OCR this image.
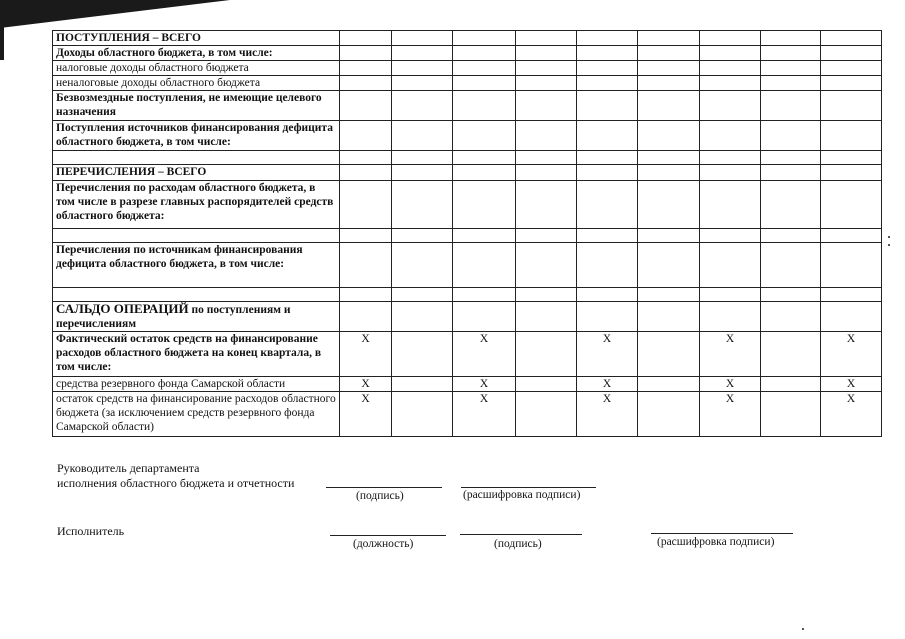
ПОСТУПЛЕНИЯ – ВСЕГО									
Доходы областного бюджета, в том числе:									
налоговые доходы областного бюджета									
неналоговые доходы областного бюджета									
Безвозмездные поступления, не имеющие целевого назначения									
Поступления источников финансирования дефицита областного бюджета, в том числе:									

ПЕРЕЧИСЛЕНИЯ – ВСЕГО									
Перечисления по расходам областного бюджета, в том числе в разрезе главных распорядителей средств областного бюджета:									

Перечисления по источникам финансирования дефицита областного бюджета, в том числе:									

САЛЬДО ОПЕРАЦИЙ по поступлениям и перечислениям									
Фактический остаток средств на финансирование расходов областного бюджета на конец квартала, в том числе:	X		X		X		X		X
средства резервного фонда Самарской области	X		X		X		X		X
остаток средств на финансирование расходов областного бюджета (за исключением средств резервного фонда Самарской области)	X		X		X		X		X
Руководитель департамента
исполнения областного бюджета и отчетности
(подпись)	(расшифровка подписи)
Исполнитель
(должность)	(подпись)	(расшифровка подписи)
